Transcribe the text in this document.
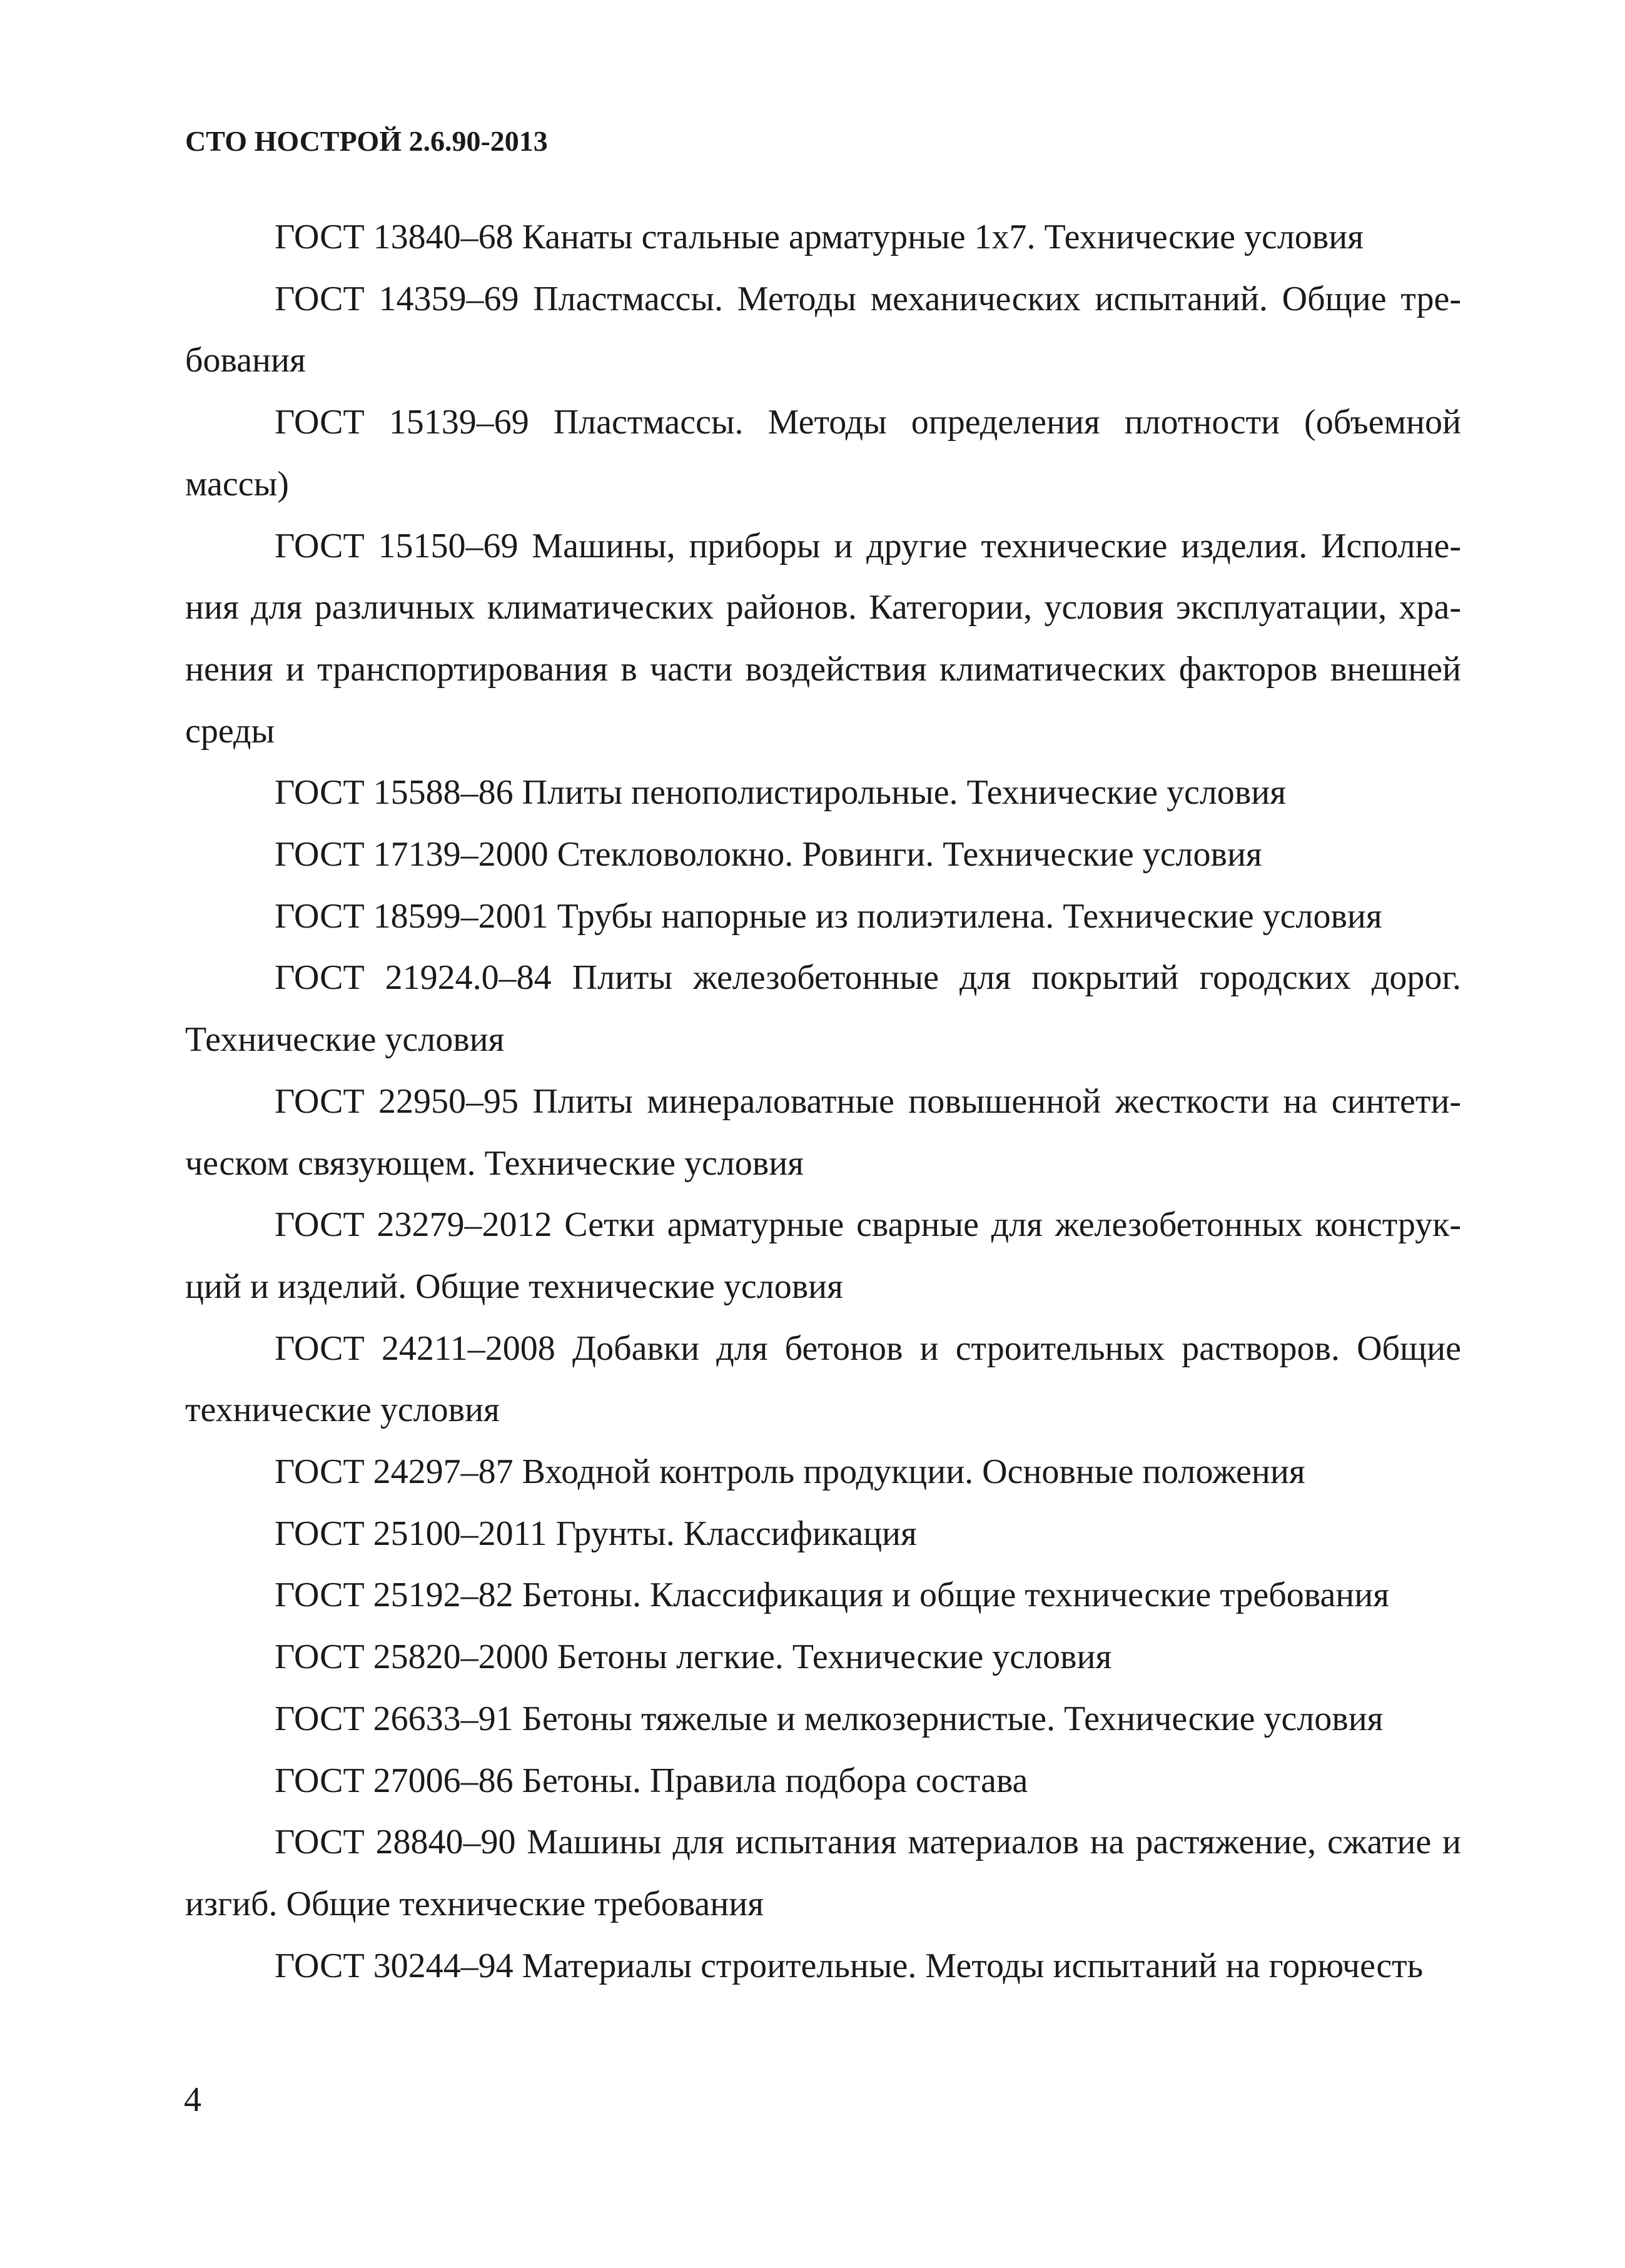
СТО НОСТРОЙ 2.6.90-2013
ГОСТ 13840–68 Канаты стальные арматурные 1х7. Технические условия
ГОСТ 14359–69 Пластмассы. Методы механических испытаний. Общие требования
ГОСТ 15139–69 Пластмассы. Методы определения плотности (объемной массы)
ГОСТ 15150–69 Машины, приборы и другие технические изделия. Исполнения для различных климатических районов. Категории, условия эксплуатации, хранения и транспортирования в части воздействия климатических факторов внешней среды
ГОСТ 15588–86 Плиты пенополистирольные. Технические условия
ГОСТ 17139–2000 Стекловолокно. Ровинги. Технические условия
ГОСТ 18599–2001 Трубы напорные из полиэтилена. Технические условия
ГОСТ 21924.0–84 Плиты железобетонные для покрытий городских дорог. Технические условия
ГОСТ 22950–95 Плиты минераловатные повышенной жесткости на синтетическом связующем. Технические условия
ГОСТ 23279–2012 Сетки арматурные сварные для железобетонных конструкций и изделий. Общие технические условия
ГОСТ 24211–2008 Добавки для бетонов и строительных растворов. Общие технические условия
ГОСТ 24297–87 Входной контроль продукции. Основные положения
ГОСТ 25100–2011 Грунты. Классификация
ГОСТ 25192–82 Бетоны. Классификация и общие технические требования
ГОСТ 25820–2000 Бетоны легкие. Технические условия
ГОСТ 26633–91 Бетоны тяжелые и мелкозернистые. Технические условия
ГОСТ 27006–86 Бетоны. Правила подбора состава
ГОСТ 28840–90 Машины для испытания материалов на растяжение, сжатие и изгиб. Общие технические требования
ГОСТ 30244–94 Материалы строительные. Методы испытаний на горючесть

4
